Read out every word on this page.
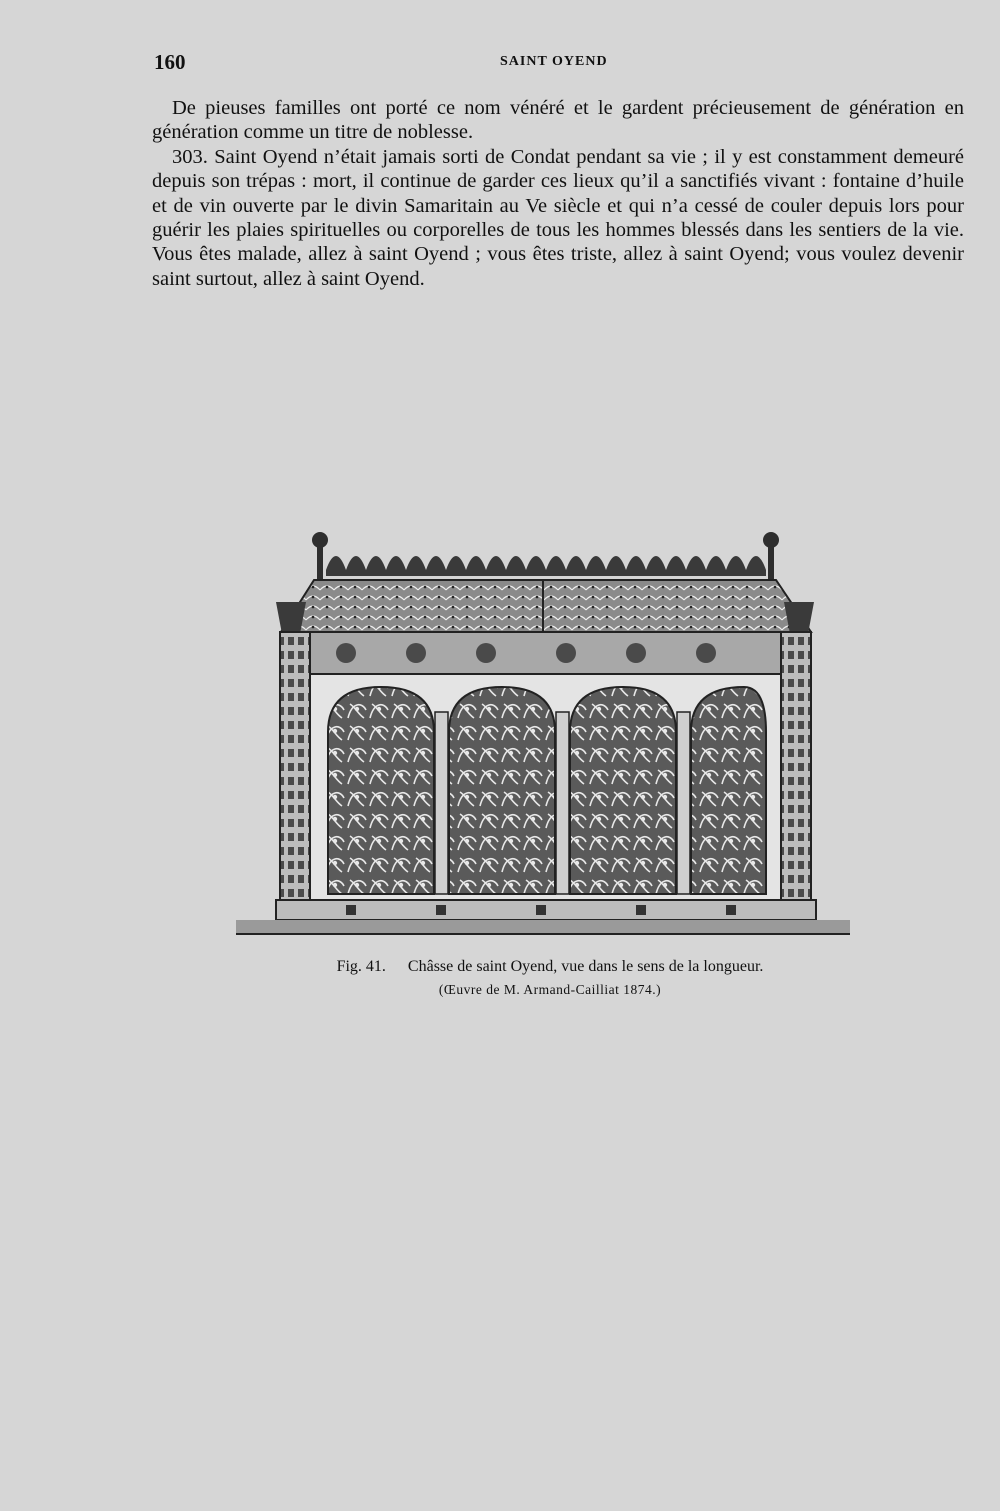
160	SAINT OYEND

De pieuses familles ont porté ce nom vénéré et le gardent précieusement de génération en génération comme un titre de noblesse.

303. Saint Oyend n’était jamais sorti de Condat pendant sa vie ; il y est constamment demeuré depuis son trépas : mort, il continue de garder ces lieux qu’il a sanctifiés vivant : fontaine d’huile et de vin ouverte par le divin Samaritain au Ve siècle et qui n’a cessé de couler depuis lors pour guérir les plaies spirituelles ou corporelles de tous les hommes blessés dans les sentiers de la vie. Vous êtes malade, allez à saint Oyend ; vous êtes triste, allez à saint Oyend; vous voulez devenir saint surtout, allez à saint Oyend.

Fig. 41. Châsse de saint Oyend, vue dans le sens de la longueur.
(Œuvre de M. Armand-Cailliat 1874.)
